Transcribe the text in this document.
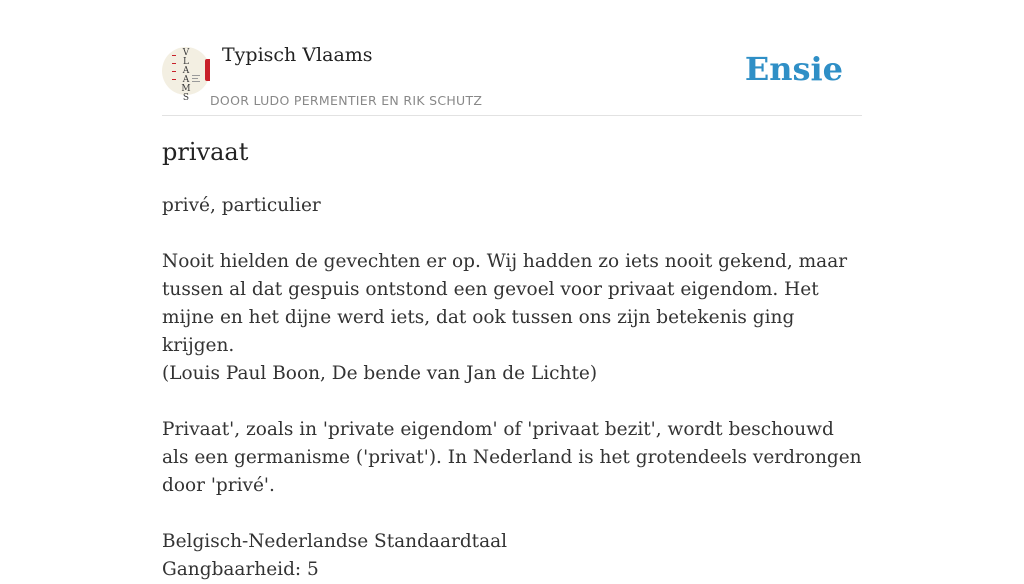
V
L
A
A
M
S
Typisch Vlaams
DOOR LUDO PERMENTIER EN RIK SCHUTZ
Ensie
privaat

privé, particulier

Nooit hielden de gevechten er op. Wij hadden zo iets nooit gekend, maar tussen al dat gespuis ontstond een gevoel voor privaat eigendom. Het mijne en het dijne werd iets, dat ook tussen ons zijn betekenis ging krijgen.

(Louis Paul Boon, De bende van Jan de Lichte)

Privaat', zoals in 'private eigendom' of 'privaat bezit', wordt beschouwd als een germanisme ('privat'). In Nederland is het grotendeels verdrongen door 'privé'.

Belgisch-Nederlandse Standaardtaal

Gangbaarheid: 5
